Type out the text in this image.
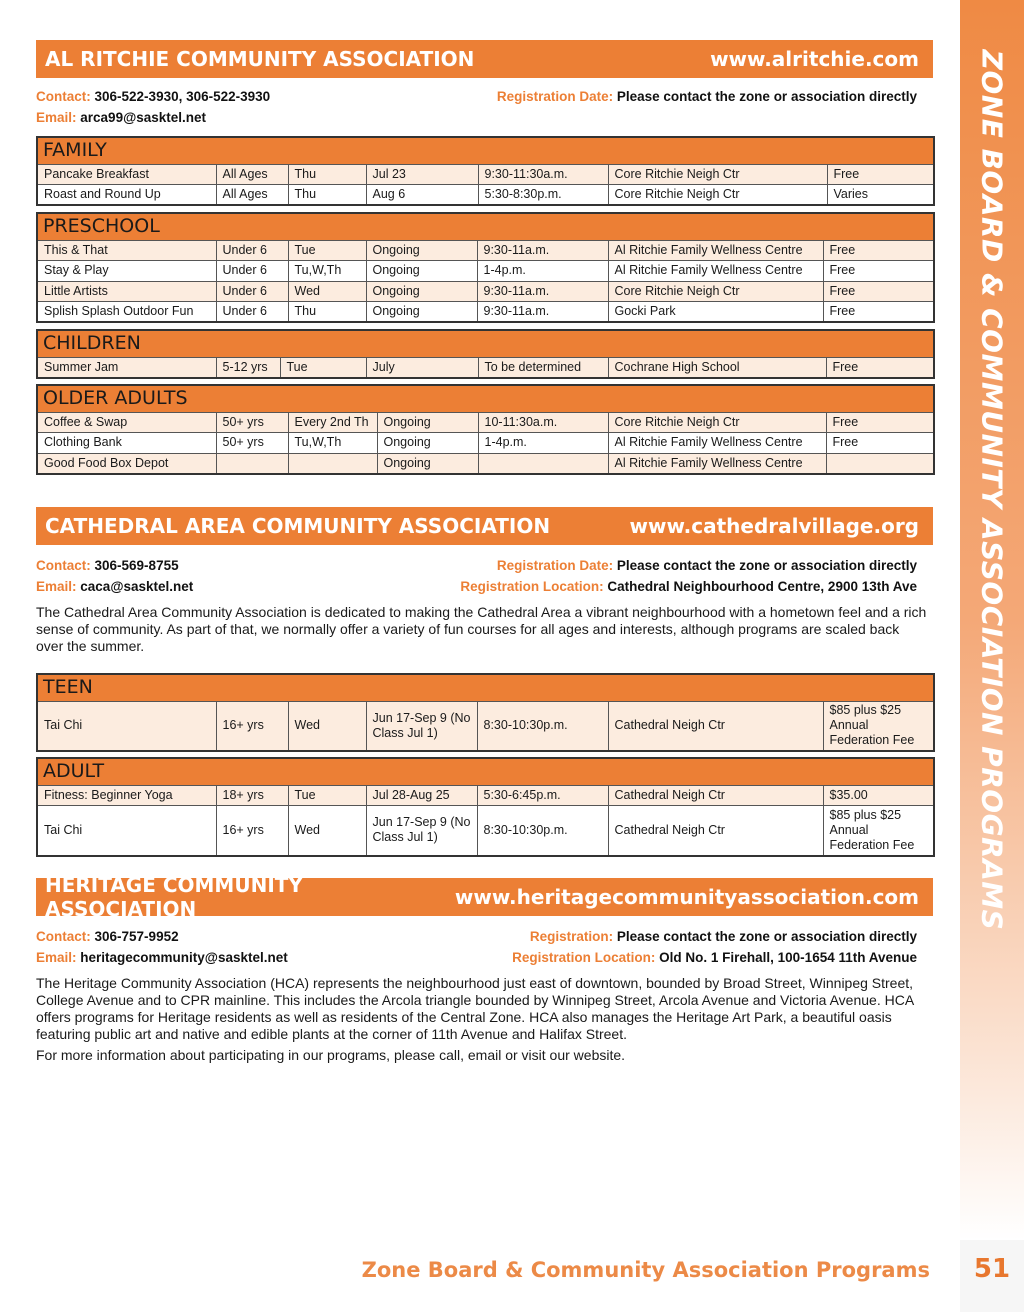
ZONE BOARD & COMMUNITY ASSOCIATION PROGRAMS
51
Zone Board & Community Association Programs
AL RITCHIE COMMUNITY ASSOCIATION	www.alritchie.com
Contact: 306-522-3930, 306-522-3930	Registration Date: Please contact the zone or association directly
Email: arca99@sasktel.net
FAMILY						
Pancake Breakfast	All Ages	Thu	Jul 23	9:30-11:30a.m.	Core Ritchie Neigh Ctr	Free
Roast and Round Up	All Ages	Thu	Aug 6	5:30-8:30p.m.	Core Ritchie Neigh Ctr	Varies
PRESCHOOL						
This & That	Under 6	Tue	Ongoing	9:30-11a.m.	Al Ritchie Family Wellness Centre	Free
Stay & Play	Under 6	Tu,W,Th	Ongoing	1-4p.m.	Al Ritchie Family Wellness Centre	Free
Little Artists	Under 6	Wed	Ongoing	9:30-11a.m.	Core Ritchie Neigh Ctr	Free
Splish Splash Outdoor Fun	Under 6	Thu	Ongoing	9:30-11a.m.	Gocki Park	Free
CHILDREN
Summer Jam	5-12 yrs	Tue	July	To be determined	Cochrane High School	Free
OLDER ADULTS						
Coffee & Swap	50+ yrs	Every 2nd Th	Ongoing	10-11:30a.m.	Core Ritchie Neigh Ctr	Free
Clothing Bank	50+ yrs	Tu,W,Th	Ongoing	1-4p.m.	Al Ritchie Family Wellness Centre	Free
Good Food Box Depot			Ongoing		Al Ritchie Family Wellness Centre	
CATHEDRAL AREA COMMUNITY ASSOCIATION	www.cathedralvillage.org
Contact: 306-569-8755	Registration Date: Please contact the zone or association directly
Email: caca@sasktel.net	Registration Location: Cathedral Neighbourhood Centre, 2900 13th Ave

The Cathedral Area Community Association is dedicated to making the Cathedral Area a vibrant neighbourhood with a hometown feel and a rich sense of community. As part of that, we normally offer a variety of fun courses for all ages and interests, although programs are scaled back over the summer.

TEEN
Tai Chi	16+ yrs	Wed	Jun 17-Sep 9 (No Class Jul 1)	8:30-10:30p.m.	Cathedral Neigh Ctr	$85 plus $25 Annual Federation Fee
ADULT						
Fitness: Beginner Yoga	18+ yrs	Tue	Jul 28-Aug 25	5:30-6:45p.m.	Cathedral Neigh Ctr	$35.00
Tai Chi	16+ yrs	Wed	Jun 17-Sep 9 (No Class Jul 1)	8:30-10:30p.m.	Cathedral Neigh Ctr	$85 plus $25 Annual Federation Fee
HERITAGE COMMUNITY ASSOCIATION	www.heritagecommunityassociation.com
Contact: 306-757-9952	Registration: Please contact the zone or association directly
Email: heritagecommunity@sasktel.net	Registration Location: Old No. 1 Firehall, 100-1654 11th Avenue

The Heritage Community Association (HCA) represents the neighbourhood just east of downtown, bounded by Broad Street, Winnipeg Street, College Avenue and to CPR mainline. This includes the Arcola triangle bounded by Winnipeg Street, Arcola Avenue and Victoria Avenue. HCA offers programs for Heritage residents as well as residents of the Central Zone. HCA also manages the Heritage Art Park, a beautiful oasis featuring public art and native and edible plants at the corner of 11th Avenue and Halifax Street.

For more information about participating in our programs, please call, email or visit our website.
